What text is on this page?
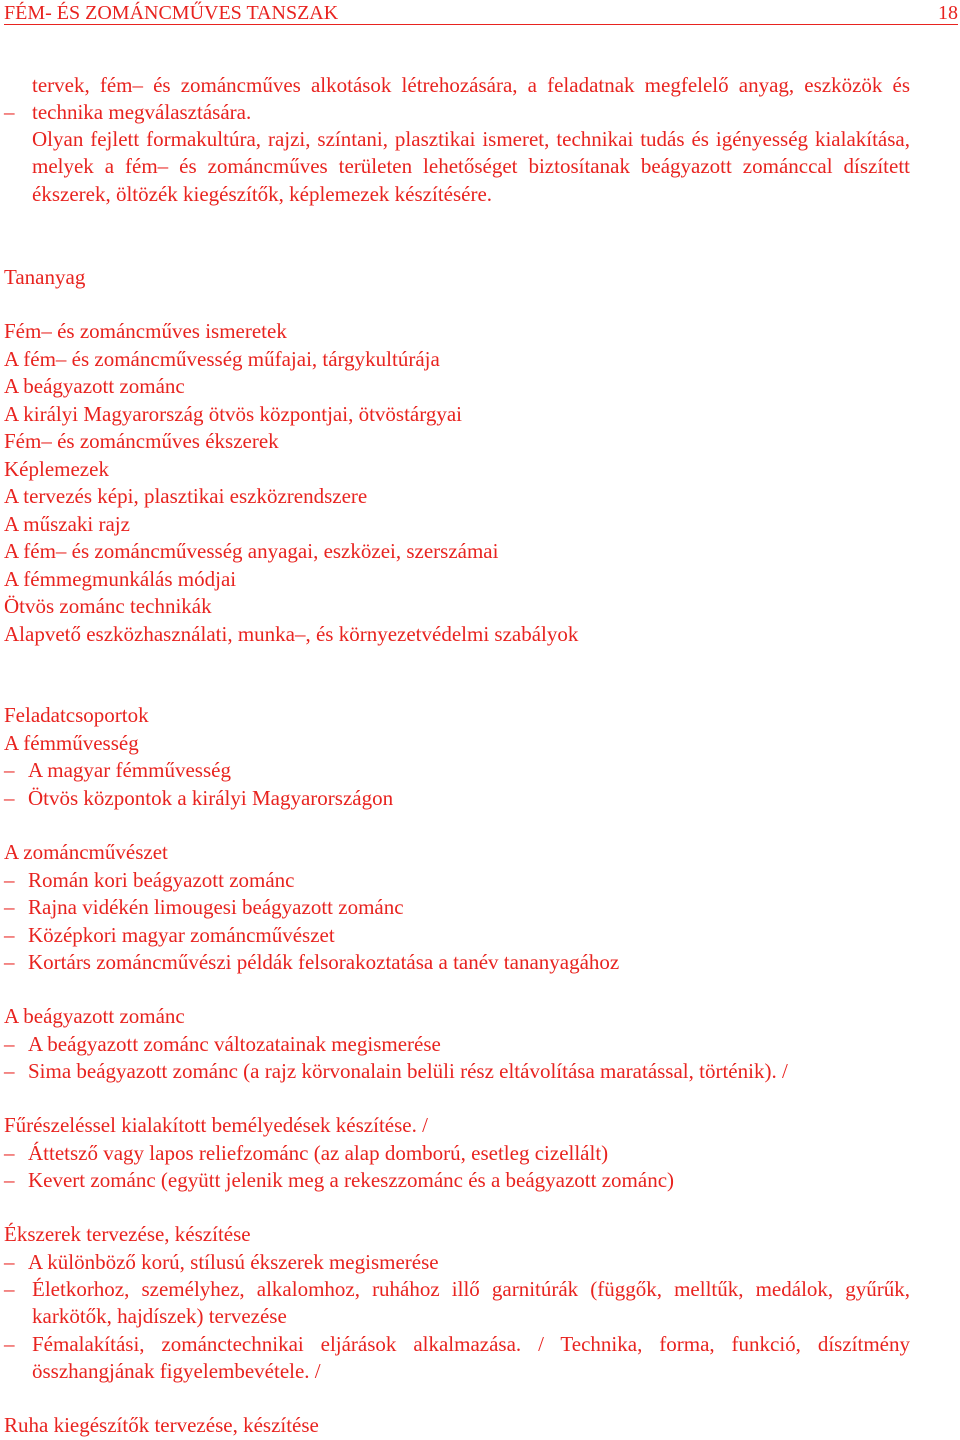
FÉM- ÉS ZOMÁNCMŰVES TANSZAK	18
tervek, fém– és zománcműves alkotások létrehozására, a feladatnak megfelelő anyag, eszközök és technika megválasztására.
–
Olyan fejlett formakultúra, rajzi, színtani, plasztikai ismeret, technikai tudás és igényesség kialakítása, melyek a fém– és zománcműves területen lehetőséget biztosítanak beágyazott zománccal díszített ékszerek, öltözék kiegészítők, képlemezek készítésére.
Tananyag
Fém– és zománcműves ismeretek
A fém– és zománcművesség műfajai, tárgykultúrája
A beágyazott zománc
A királyi Magyarország ötvös központjai, ötvöstárgyai
Fém– és zománcműves ékszerek
Képlemezek
A tervezés képi, plasztikai eszközrendszere
A műszaki rajz
A fém– és zománcművesség anyagai, eszközei, szerszámai
A fémmegmunkálás módjai
Ötvös zománc technikák
Alapvető eszközhasználati, munka–, és környezetvédelmi szabályok
Feladatcsoportok
A fémművesség
– A magyar fémművesség
– Ötvös központok a királyi Magyarországon
A zománcművészet
– Román kori beágyazott zománc
– Rajna vidékén limougesi beágyazott zománc
– Középkori magyar zománcművészet
– Kortárs zománcművészi példák felsorakoztatása a tanév tananyagához
A beágyazott zománc
– A beágyazott zománc változatainak megismerése
– Sima beágyazott zománc (a rajz körvonalain belüli rész eltávolítása maratással, történik). /
Fűrészeléssel kialakított bemélyedések készítése. /
– Áttetsző vagy lapos reliefzománc (az alap domború, esetleg cizellált)
– Kevert zománc (együtt jelenik meg a rekeszzománc és a beágyazott zománc)
Ékszerek tervezése, készítése
– A különböző korú, stílusú ékszerek megismerése
– Életkorhoz, személyhez, alkalomhoz, ruhához illő garnitúrák (függők, melltűk, medálok, gyűrűk, karkötők, hajdíszek) tervezése
– Fémalakítási, zománctechnikai eljárások alkalmazása. / Technika, forma, funkció, díszítmény összhangjának figyelembevétele. /
Ruha kiegészítők tervezése, készítése
